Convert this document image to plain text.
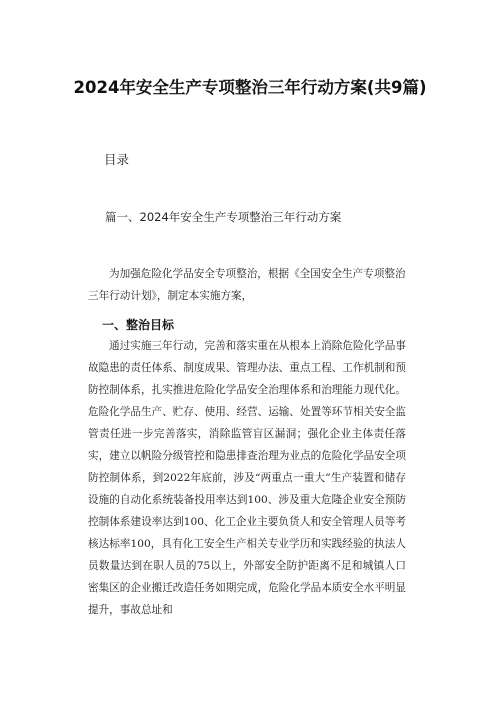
2024年安全生产专项整治三年行动方案(共9篇)
目录
篇一、2024年安全生产专项整治三年行动方案

为加强危险化学品安全专项整治，根据《全国安全生产专项整治三年行动计划》，制定本实施方案，

一、整治目标

通过实施三年行动，完善和落实重在从根本上消除危险化学品事故隐患的责任体系、制度成果、管理办法、重点工程、工作机制和预防控制体系，扎实推进危险化学品安全治理体系和治理能力现代化。危险化学品生产、贮存、使用、经营、运输、处置等环节相关安全监管责任进一步完善落实，消除监管盲区漏洞；强化企业主体责任落实，建立以帆险分级管控和隐患排查治理为业点的危险化学品安全项防控制体系，到2022年底前，涉及“两重点一重大”生产装置和储存设施的自动化系统装备投用率达到100、涉及重大危隆企业安全预防控制体系建设率达到100、化工企业主要负货人和安全管理人员等考核达标率100，具有化工安全生产相关专业学历和实践经验的执法人员数量达到在职人员的75以上，外部安全防护距离不足和城镇人口密集区的企业搬迁改造任务如期完成，危险化学品本质安全水平明显提升，事故总址和
